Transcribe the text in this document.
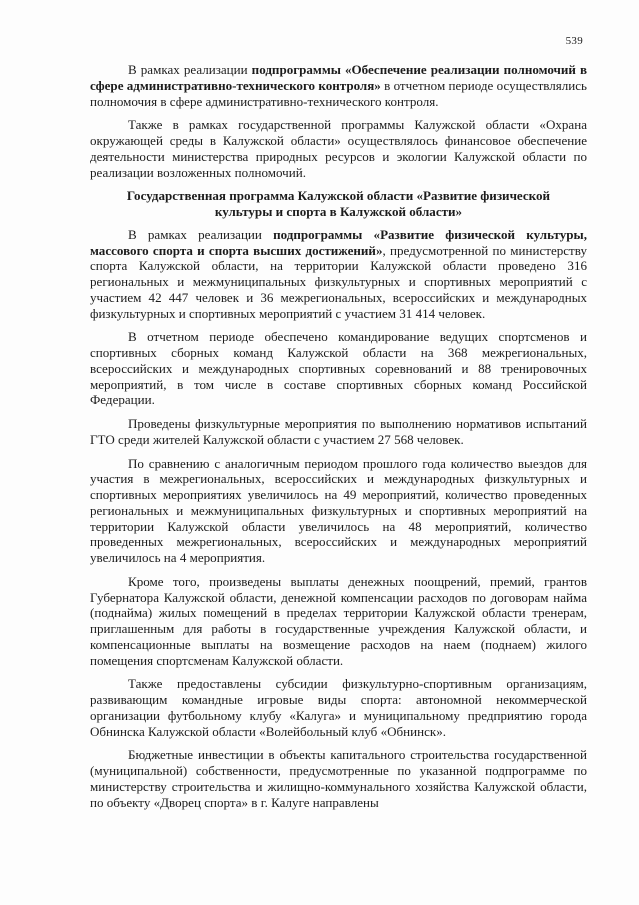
539

В рамках реализации подпрограммы «Обеспечение реализации полномочий в сфере административно-технического контроля» в отчетном периоде осуществлялись полномочия в сфере административно-технического контроля.

Также в рамках государственной программы Калужской области «Охрана окружающей среды в Калужской области» осуществлялось финансовое обеспечение деятельности министерства природных ресурсов и экологии Калужской области по реализации возложенных полномочий.

Государственная программа Калужской области «Развитие физической культуры и спорта в Калужской области»

В рамках реализации подпрограммы «Развитие физической культуры, массового спорта и спорта высших достижений», предусмотренной по министерству спорта Калужской области, на территории Калужской области проведено 316 региональных и межмуниципальных физкультурных и спортивных мероприятий с участием 42 447 человек и 36 межрегиональных, всероссийских и международных физкультурных и спортивных мероприятий с участием 31 414 человек.

В отчетном периоде обеспечено командирование ведущих спортсменов и спортивных сборных команд Калужской области на 368 межрегиональных, всероссийских и международных спортивных соревнований и 88 тренировочных мероприятий, в том числе в составе спортивных сборных команд Российской Федерации.

Проведены физкультурные мероприятия по выполнению нормативов испытаний ГТО среди жителей Калужской области с участием 27 568 человек.

По сравнению с аналогичным периодом прошлого года количество выездов для участия в межрегиональных, всероссийских и международных физкультурных и спортивных мероприятиях увеличилось на 49 мероприятий, количество проведенных региональных и межмуниципальных физкультурных и спортивных мероприятий на территории Калужской области увеличилось на 48 мероприятий, количество проведенных межрегиональных, всероссийских и международных мероприятий увеличилось на 4 мероприятия.

Кроме того, произведены выплаты денежных поощрений, премий, грантов Губернатора Калужской области, денежной компенсации расходов по договорам найма (поднайма) жилых помещений в пределах территории Калужской области тренерам, приглашенным для работы в государственные учреждения Калужской области, и компенсационные выплаты на возмещение расходов на наем (поднаем) жилого помещения спортсменам Калужской области.

Также предоставлены субсидии физкультурно-спортивным организациям, развивающим командные игровые виды спорта: автономной некоммерческой организации футбольному клубу «Калуга» и муниципальному предприятию города Обнинска Калужской области «Волейбольный клуб «Обнинск».

Бюджетные инвестиции в объекты капитального строительства государственной (муниципальной) собственности, предусмотренные по указанной подпрограмме по министерству строительства и жилищно-коммунального хозяйства Калужской области, по объекту «Дворец спорта» в г. Калуге направлены
